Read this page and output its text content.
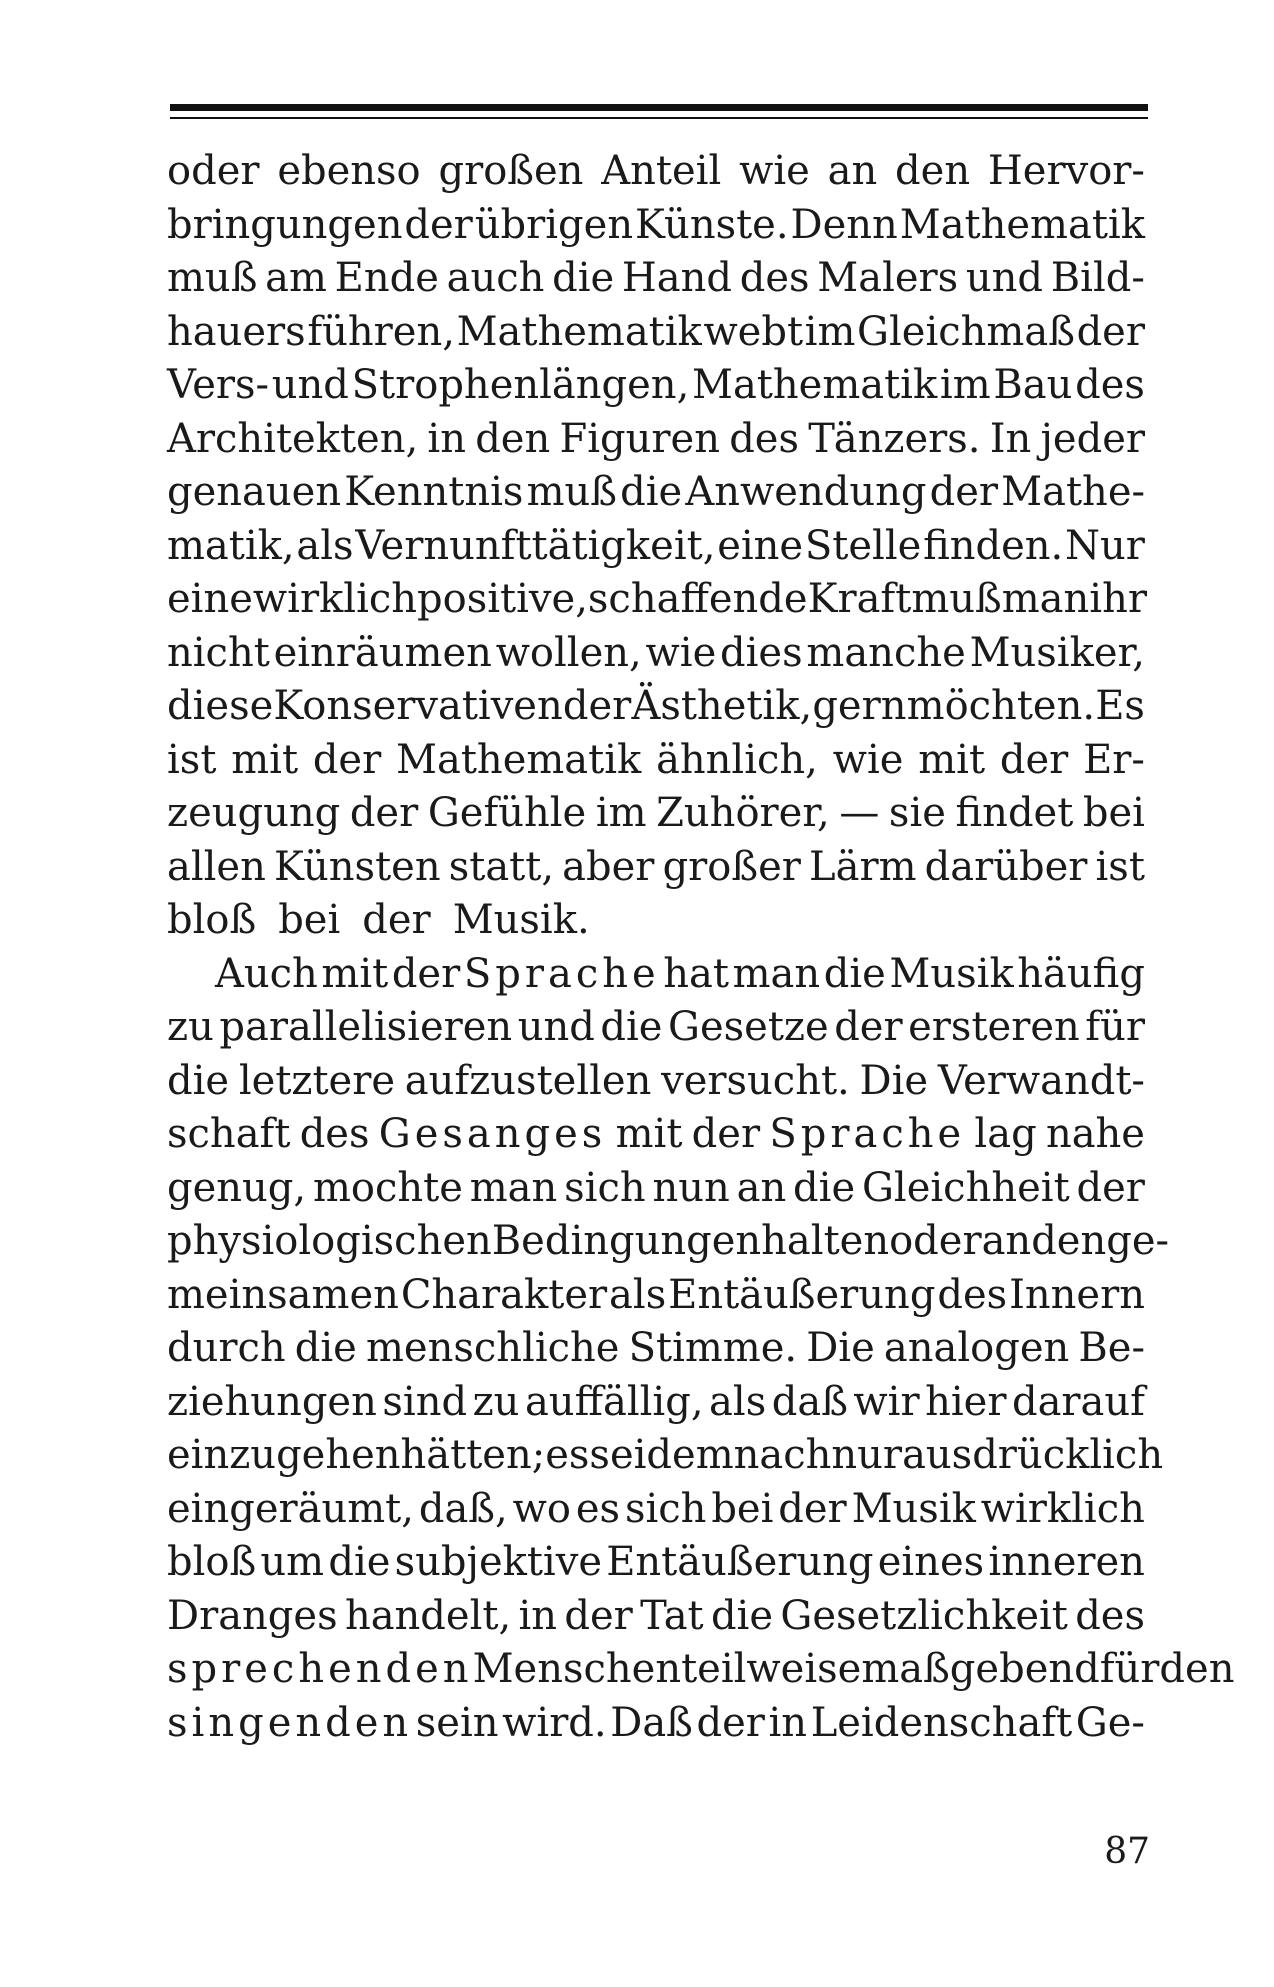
oder ebenso großen Anteil wie an den Hervor-
bringungen der übrigen Künste. Denn Mathematik
muß am Ende auch die Hand des Malers und Bild-
hauers führen, Mathematik webt im Gleichmaß der
Vers- und Strophenlängen, Mathematik im Bau des
Architekten, in den Figuren des Tänzers. In jeder
genauen Kenntnis muß die Anwendung der Mathe-
matik, als Vernunfttätigkeit, eine Stelle finden. Nur
eine wirklich positive, schaffende Kraft muß man ihr
nicht einräumen wollen, wie dies manche Musiker,
diese Konservativen der Ästhetik, gern möchten. Es
ist mit der Mathematik ähnlich, wie mit der Er-
zeugung der Gefühle im Zuhörer, — sie findet bei
allen Künsten statt, aber großer Lärm darüber ist
bloß bei der Musik.
Auch mit der Sprache hat man die Musik häufig
zu parallelisieren und die Gesetze der ersteren für
die letztere aufzustellen versucht. Die Verwandt-
schaft des Gesanges mit der Sprache lag nahe
genug, mochte man sich nun an die Gleichheit der
physiologischen Bedingungen halten oder an den ge-
meinsamen Charakter als Entäußerung des Innern
durch die menschliche Stimme. Die analogen Be-
ziehungen sind zu auffällig, als daß wir hier darauf
einzugehen hätten; es sei demnach nur ausdrücklich
eingeräumt, daß, wo es sich bei der Musik wirklich
bloß um die subjektive Entäußerung eines inneren
Dranges handelt, in der Tat die Gesetzlichkeit des
sprechenden Menschen teilweise maßgebend für den
singenden sein wird. Daß der in Leidenschaft Ge-
87
